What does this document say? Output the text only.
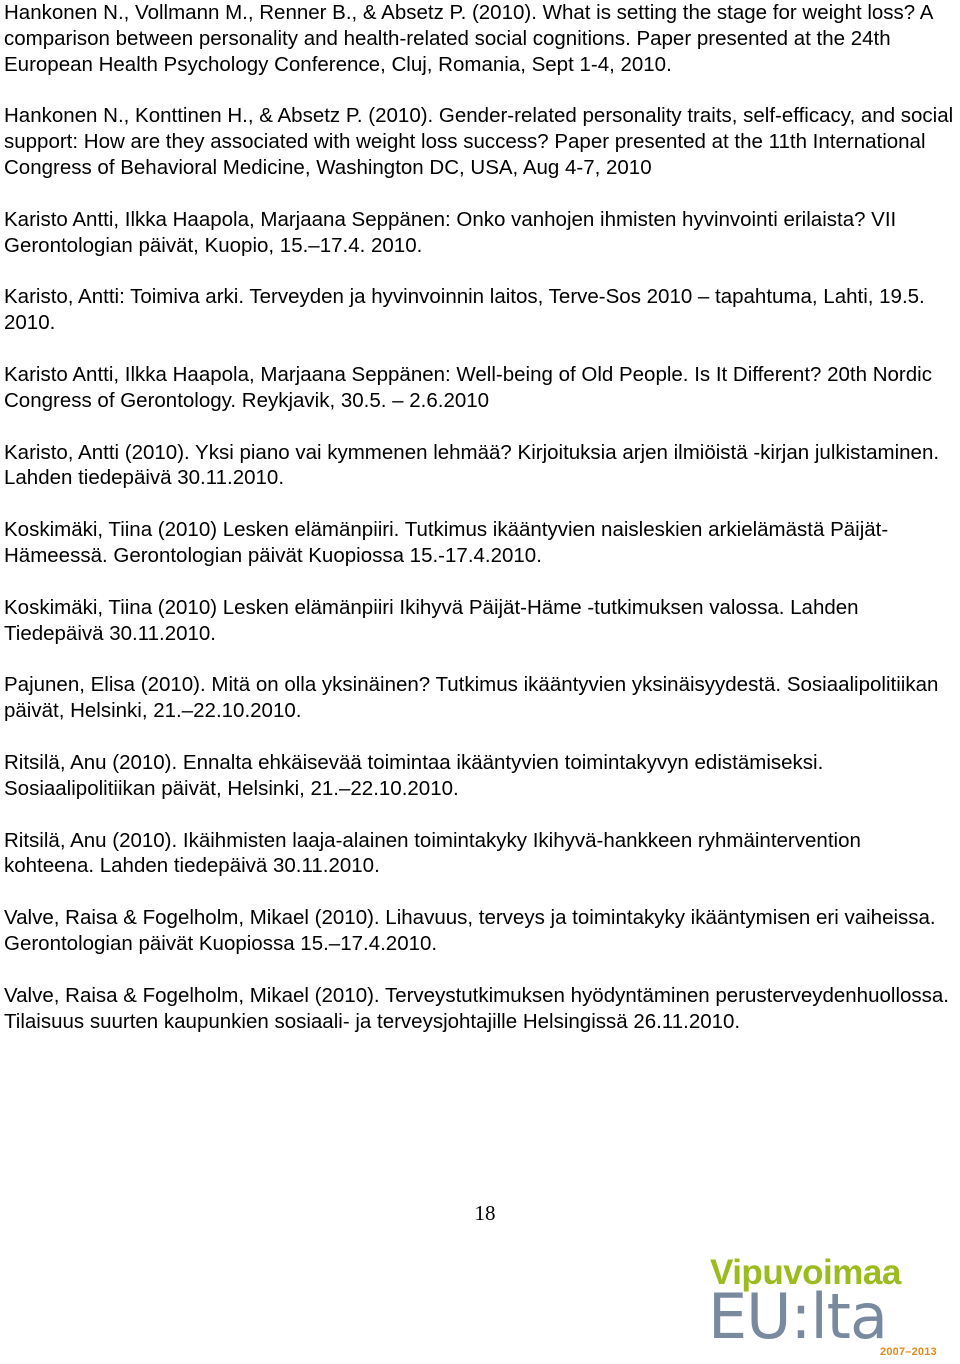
Hankonen N., Vollmann M., Renner B., & Absetz P. (2010). What is setting the stage for weight loss? A comparison between personality and health-related social cognitions. Paper presented at the 24th European Health Psychology Conference, Cluj, Romania, Sept 1-4, 2010.

Hankonen N., Konttinen H., & Absetz P. (2010). Gender-related personality traits, self-efficacy, and social support: How are they associated with weight loss success? Paper presented at the 11th International Congress of Behavioral Medicine, Washington DC, USA, Aug 4-7, 2010

Karisto Antti, Ilkka Haapola, Marjaana Seppänen: Onko vanhojen ihmisten hyvinvointi erilaista? VII Gerontologian päivät, Kuopio, 15.–17.4. 2010.

Karisto, Antti: Toimiva arki. Terveyden ja hyvinvoinnin laitos, Terve-Sos 2010 – tapahtuma, Lahti, 19.5. 2010.

Karisto Antti, Ilkka Haapola, Marjaana Seppänen: Well-being of Old People. Is It Different? 20th Nordic Congress of Gerontology. Reykjavik, 30.5. – 2.6.2010

Karisto, Antti (2010). Yksi piano vai kymmenen lehmää? Kirjoituksia arjen ilmiöistä -kirjan julkistaminen. Lahden tiedepäivä 30.11.2010.

Koskimäki, Tiina (2010) Lesken elämänpiiri. Tutkimus ikääntyvien naisleskien arkielämästä Päijät-Hämeessä. Gerontologian päivät Kuopiossa 15.-17.4.2010.

Koskimäki, Tiina (2010) Lesken elämänpiiri Ikihyvä Päijät-Häme -tutkimuksen valossa. Lahden Tiedepäivä 30.11.2010.

Pajunen, Elisa (2010). Mitä on olla yksinäinen? Tutkimus ikääntyvien yksinäisyydestä. Sosiaalipolitiikan päivät, Helsinki, 21.–22.10.2010.

Ritsilä, Anu (2010). Ennalta ehkäisevää toimintaa ikääntyvien toimintakyvyn edistämiseksi. Sosiaalipolitiikan päivät, Helsinki, 21.–22.10.2010.

Ritsilä, Anu (2010). Ikäihmisten laaja-alainen toimintakyky Ikihyvä-hankkeen ryhmäintervention kohteena. Lahden tiedepäivä 30.11.2010.

Valve, Raisa & Fogelholm, Mikael (2010). Lihavuus, terveys ja toimintakyky ikääntymisen eri vaiheissa. Gerontologian päivät Kuopiossa 15.–17.4.2010.

Valve, Raisa & Fogelholm, Mikael (2010). Terveystutkimuksen hyödyntäminen perusterveydenhuollossa. Tilaisuus suurten kaupunkien sosiaali- ja terveysjohtajille Helsingissä 26.11.2010.

18
Vipuvoimaa
EU:lta
2007–2013
